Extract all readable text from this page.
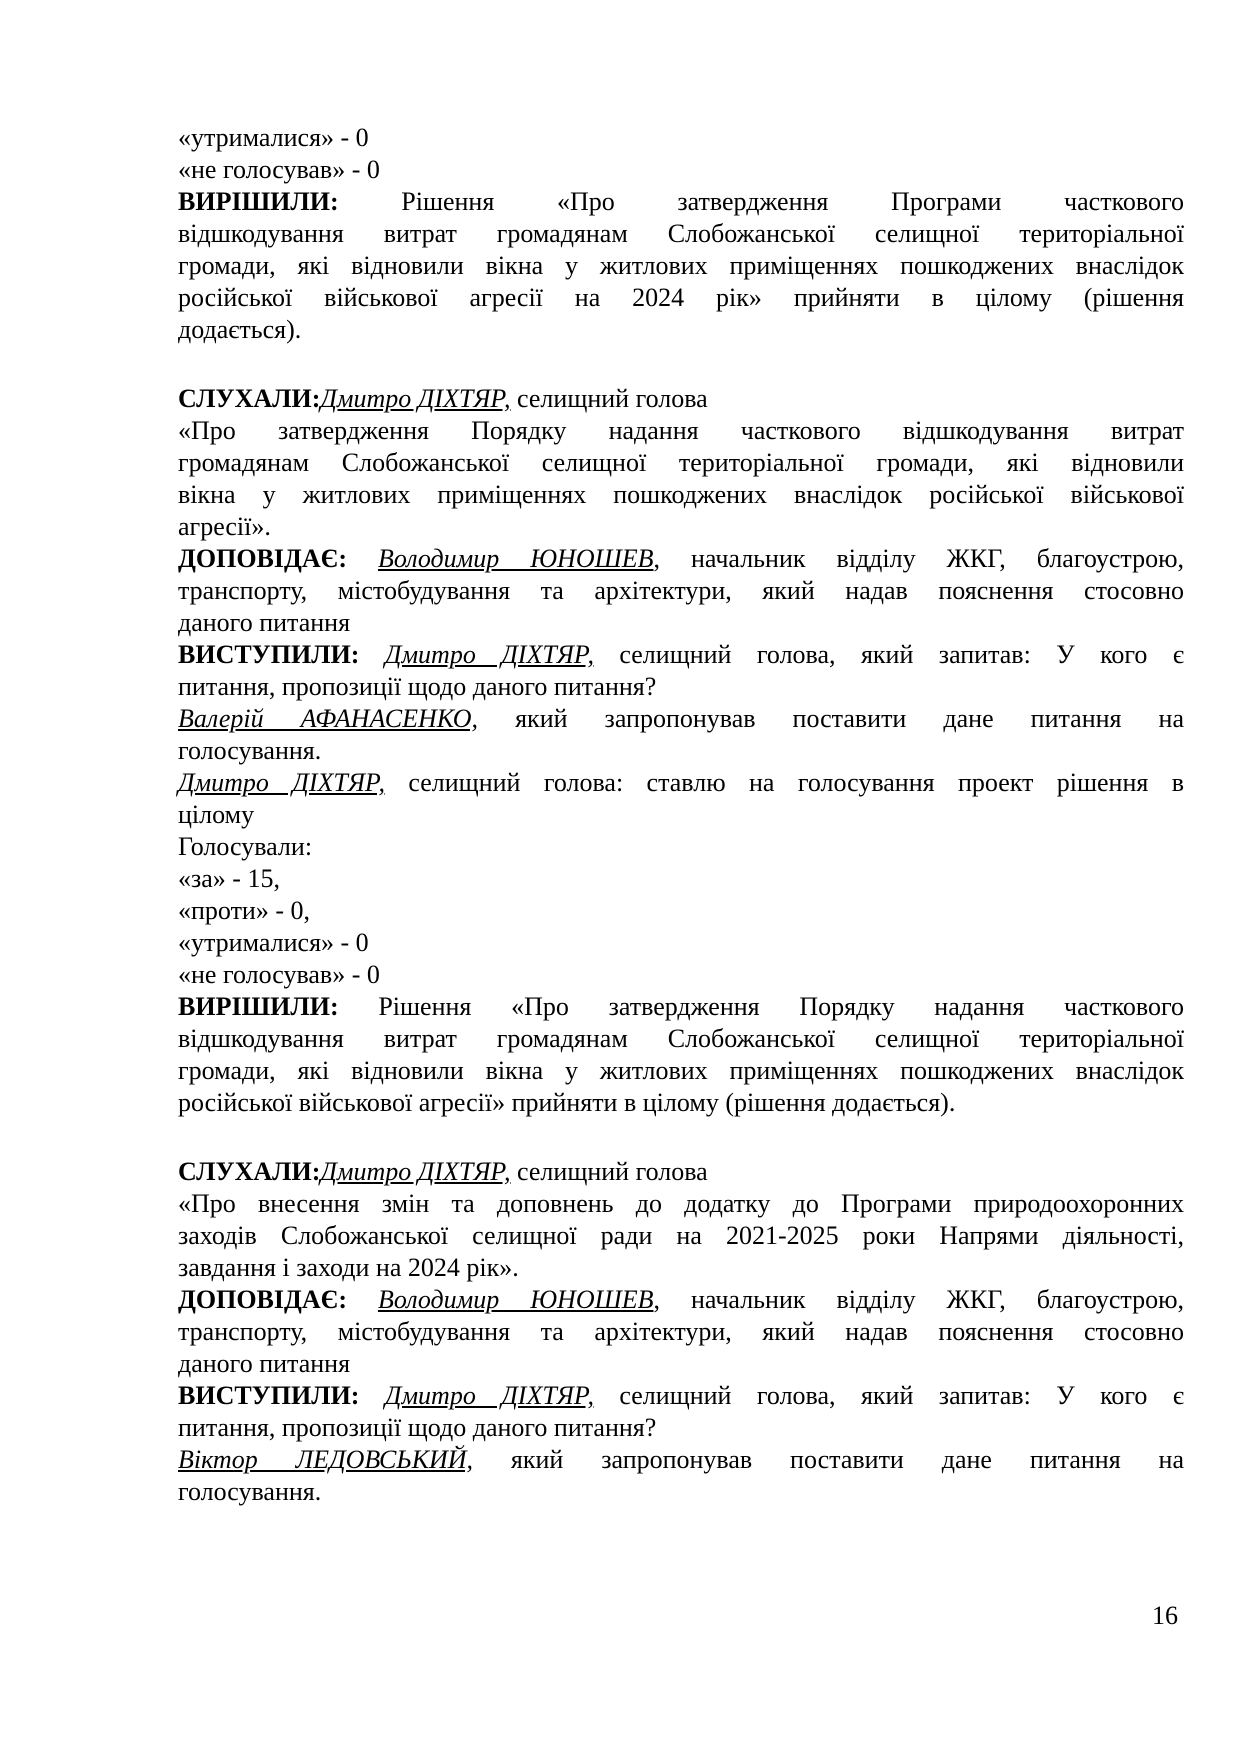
«утрималися» - 0
«не голосував» - 0
ВИРІШИЛИ: Рішення «Про затвердження Програми часткового
відшкодування витрат громадянам Слобожанської селищної територіальної
громади, які відновили вікна у житлових приміщеннях пошкоджених внаслідок
російської військової агресії на 2024 рік» прийняти в цілому (рішення
додається).
СЛУХАЛИ:Дмитро ДІХТЯР, селищний голова
«Про затвердження Порядку надання часткового відшкодування витрат
громадянам Слобожанської селищної територіальної громади, які відновили
вікна у житлових приміщеннях пошкоджених внаслідок російської військової
агресії».
ДОПОВІДАЄ: Володимир ЮНОШЕВ, начальник відділу ЖКГ, благоустрою,
транспорту, містобудування та архітектури, який надав пояснення стосовно
даного питання
ВИСТУПИЛИ: Дмитро ДІХТЯР, селищний голова, який запитав: У кого є
питання, пропозиції щодо даного питання?
Валерій АФАНАСЕНКО, який запропонував поставити дане питання на
голосування.
Дмитро ДІХТЯР, селищний голова: ставлю на голосування проект рішення в
цілому
Голосували:
«за» - 15,
«проти» - 0,
«утрималися» - 0
«не голосував» - 0
ВИРІШИЛИ: Рішення «Про затвердження Порядку надання часткового
відшкодування витрат громадянам Слобожанської селищної територіальної
громади, які відновили вікна у житлових приміщеннях пошкоджених внаслідок
російської військової агресії» прийняти в цілому (рішення додається).
СЛУХАЛИ:Дмитро ДІХТЯР, селищний голова
«Про внесення змін та доповнень до додатку до Програми природоохоронних
заходів Слобожанської селищної ради на 2021-2025 роки Напрями діяльності,
завдання і заходи на 2024 рік».
ДОПОВІДАЄ: Володимир ЮНОШЕВ, начальник відділу ЖКГ, благоустрою,
транспорту, містобудування та архітектури, який надав пояснення стосовно
даного питання
ВИСТУПИЛИ: Дмитро ДІХТЯР, селищний голова, який запитав: У кого є
питання, пропозиції щодо даного питання?
Віктор ЛЕДОВСЬКИЙ, який запропонував поставити дане питання на
голосування.
16
